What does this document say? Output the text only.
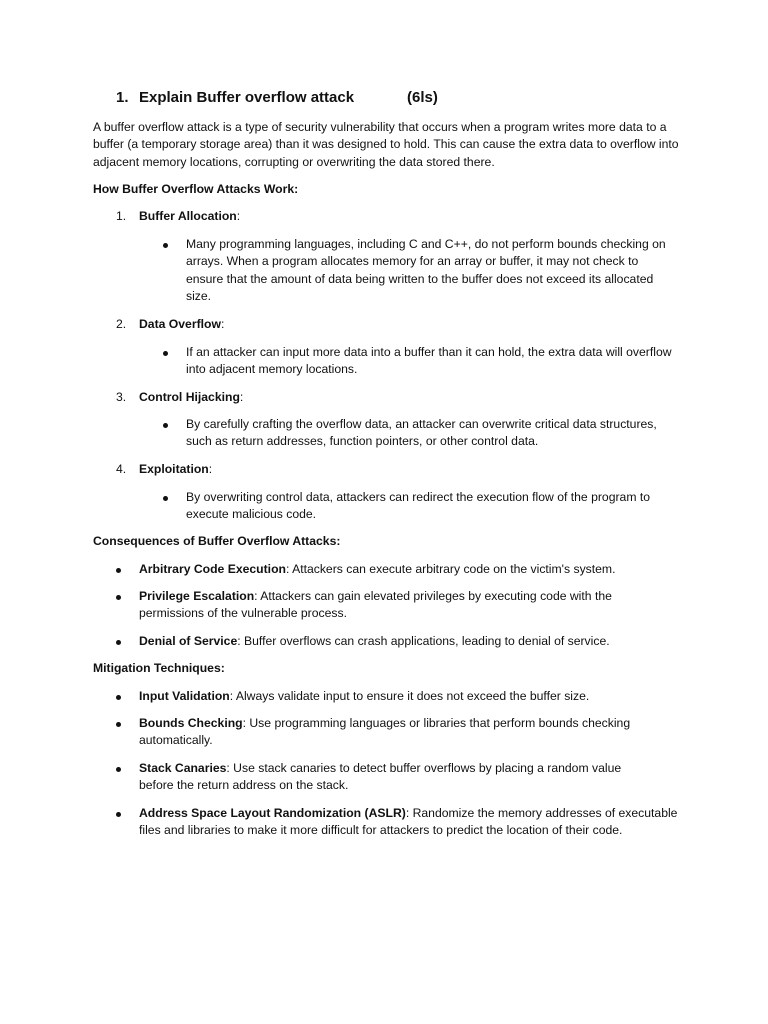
1. Explain Buffer overflow attack	(6ls)

A buffer overflow attack is a type of security vulnerability that occurs when a program writes more data to a buffer (a temporary storage area) than it was designed to hold. This can cause the extra data to overflow into adjacent memory locations, corrupting or overwriting the data stored there.

How Buffer Overflow Attacks Work:
1. Buffer Allocation:

Many programming languages, including C and C++, do not perform bounds checking on arrays. When a program allocates memory for an array or buffer, it may not check to ensure that the amount of data being written to the buffer does not exceed its allocated size.

2. Data Overflow:

If an attacker can input more data into a buffer than it can hold, the extra data will overflow into adjacent memory locations.

3. Control Hijacking:

By carefully crafting the overflow data, an attacker can overwrite critical data structures, such as return addresses, function pointers, or other control data.

4. Exploitation:

By overwriting control data, attackers can redirect the execution flow of the program to execute malicious code.

Consequences of Buffer Overflow Attacks:

Arbitrary Code Execution: Attackers can execute arbitrary code on the victim's system.

Privilege Escalation: Attackers can gain elevated privileges by executing code with the permissions of the vulnerable process.

Denial of Service: Buffer overflows can crash applications, leading to denial of service.

Mitigation Techniques:

Input Validation: Always validate input to ensure it does not exceed the buffer size.

Bounds Checking: Use programming languages or libraries that perform bounds checking automatically.

Stack Canaries: Use stack canaries to detect buffer overflows by placing a random value before the return address on the stack.

Address Space Layout Randomization (ASLR): Randomize the memory addresses of executable files and libraries to make it more difficult for attackers to predict the location of their code.
